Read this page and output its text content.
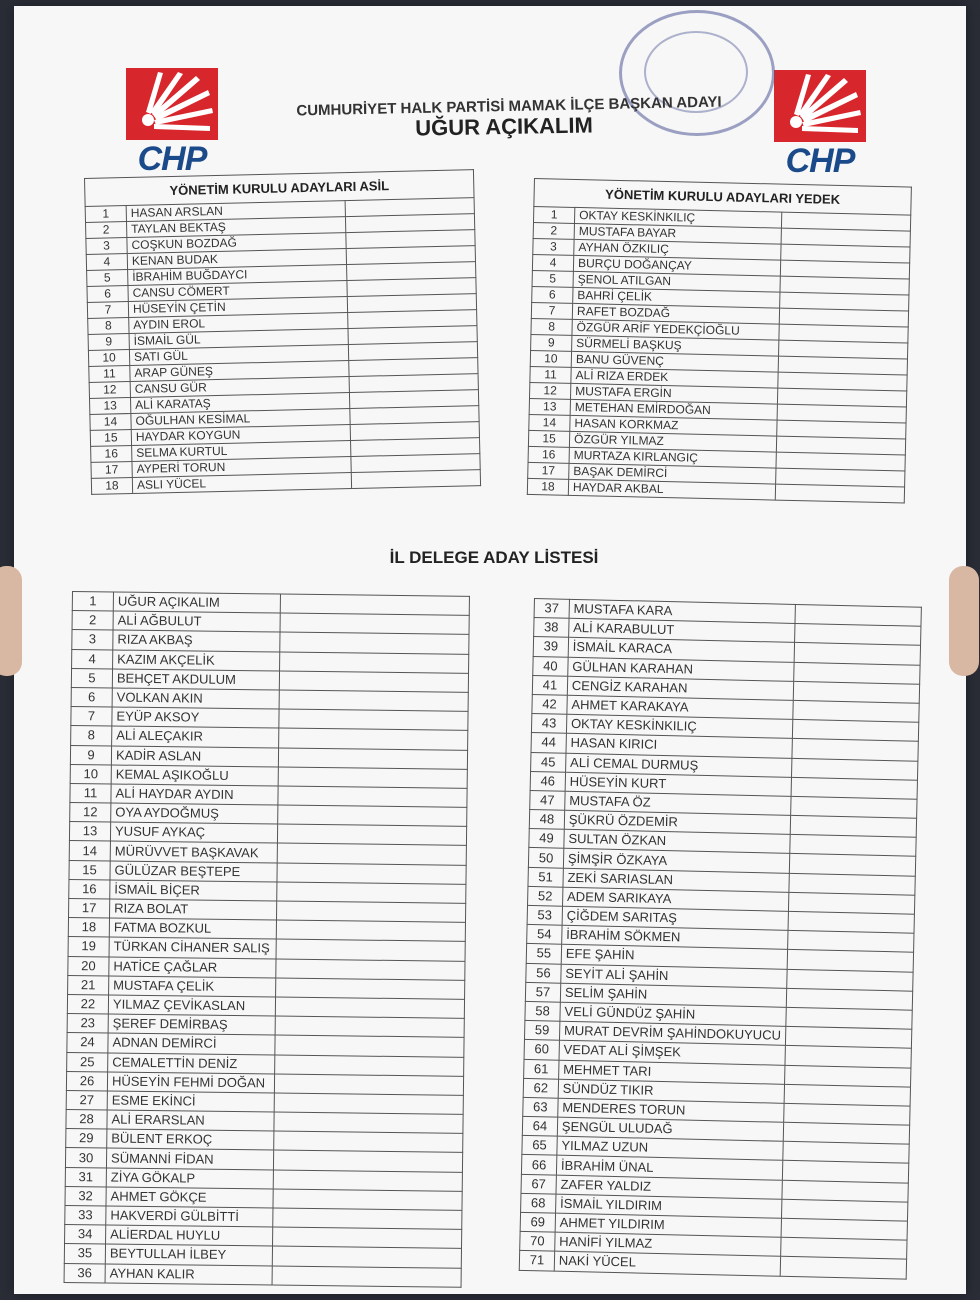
CHP	CHP
CUMHURİYET HALK PARTİSİ MAMAK İLÇE BAŞKAN ADAYI
UĞUR AÇIKALIM
YÖNETİM KURULU ADAYLARI ASİL		
1	HASAN ARSLAN	
2	TAYLAN BEKTAŞ	
3	COŞKUN BOZDAĞ	
4	KENAN BUDAK	
5	İBRAHİM BUĞDAYCI	
6	CANSU CÖMERT	
7	HÜSEYİN ÇETİN	
8	AYDIN EROL	
9	İSMAİL GÜL	
10	SATI GÜL	
11	ARAP GÜNEŞ	
12	CANSU GÜR	
13	ALİ KARATAŞ	
14	OĞULHAN KESİMAL	
15	HAYDAR KOYGUN	
16	SELMA KURTUL	
17	AYPERİ TORUN	
18	ASLI YÜCEL	
YÖNETİM KURULU ADAYLARI YEDEK		
1	OKTAY KESKİNKILIÇ	
2	MUSTAFA BAYAR	
3	AYHAN ÖZKILIÇ	
4	BURÇU DOĞANÇAY	
5	ŞENOL ATILGAN	
6	BAHRİ ÇELİK	
7	RAFET BOZDAĞ	
8	ÖZGÜR ARİF YEDEKÇİOĞLU	
9	SÜRMELİ BAŞKUŞ	
10	BANU GÜVENÇ	
11	ALİ RIZA ERDEK	
12	MUSTAFA ERGİN	
13	METEHAN EMİRDOĞAN	
14	HASAN KORKMAZ	
15	ÖZGÜR YILMAZ	
16	MURTAZA KIRLANGIÇ	
17	BAŞAK DEMİRCİ	
18	HAYDAR AKBAL	
İL DELEGE ADAY LİSTESİ
1	UĞUR AÇIKALIM	
2	ALİ AĞBULUT	
3	RIZA AKBAŞ	
4	KAZIM AKÇELİK	
5	BEHÇET AKDULUM	
6	VOLKAN AKIN	
7	EYÜP AKSOY	
8	ALİ ALEÇAKIR	
9	KADİR ASLAN	
10	KEMAL AŞIKOĞLU	
11	ALİ HAYDAR AYDIN	
12	OYA AYDOĞMUŞ	
13	YUSUF AYKAÇ	
14	MÜRÜVVET BAŞKAVAK	
15	GÜLÜZAR BEŞTEPE	
16	İSMAİL BİÇER	
17	RIZA BOLAT	
18	FATMA BOZKUL	
19	TÜRKAN CİHANER SALIŞ	
20	HATİCE ÇAĞLAR	
21	MUSTAFA ÇELİK	
22	YILMAZ ÇEVİKASLAN	
23	ŞEREF DEMİRBAŞ	
24	ADNAN DEMİRCİ	
25	CEMALETTİN DENİZ	
26	HÜSEYİN FEHMİ DOĞAN	
27	ESME EKİNCİ	
28	ALİ ERARSLAN	
29	BÜLENT ERKOÇ	
30	SÜMANNİ FİDAN	
31	ZİYA GÖKALP	
32	AHMET GÖKÇE	
33	HAKVERDİ GÜLBİTTİ	
34	ALİERDAL HUYLU	
35	BEYTULLAH İLBEY	
36	AYHAN KALIR	
37	MUSTAFA KARA	
38	ALİ KARABULUT	
39	İSMAİL KARACA	
40	GÜLHAN KARAHAN	
41	CENGİZ KARAHAN	
42	AHMET KARAKAYA	
43	OKTAY KESKİNKILIÇ	
44	HASAN KIRICI	
45	ALİ CEMAL DURMUŞ	
46	HÜSEYİN KURT	
47	MUSTAFA ÖZ	
48	ŞÜKRÜ ÖZDEMİR	
49	SULTAN ÖZKAN	
50	ŞİMŞİR ÖZKAYA	
51	ZEKİ SARIASLAN	
52	ADEM SARIKAYA	
53	ÇİĞDEM SARITAŞ	
54	İBRAHİM SÖKMEN	
55	EFE ŞAHİN	
56	SEYİT ALİ ŞAHİN	
57	SELİM ŞAHİN	
58	VELİ GÜNDÜZ ŞAHİN	
59	MURAT DEVRİM ŞAHİNDOKUYUCU	
60	VEDAT ALİ ŞİMŞEK	
61	MEHMET TARI	
62	SÜNDÜZ TIKIR	
63	MENDERES TORUN	
64	ŞENGÜL ULUDAĞ	
65	YILMAZ UZUN	
66	İBRAHİM ÜNAL	
67	ZAFER YALDIZ	
68	İSMAİL YILDIRIM	
69	AHMET YILDIRIM	
70	HANİFİ YILMAZ	
71	NAKİ YÜCEL	
